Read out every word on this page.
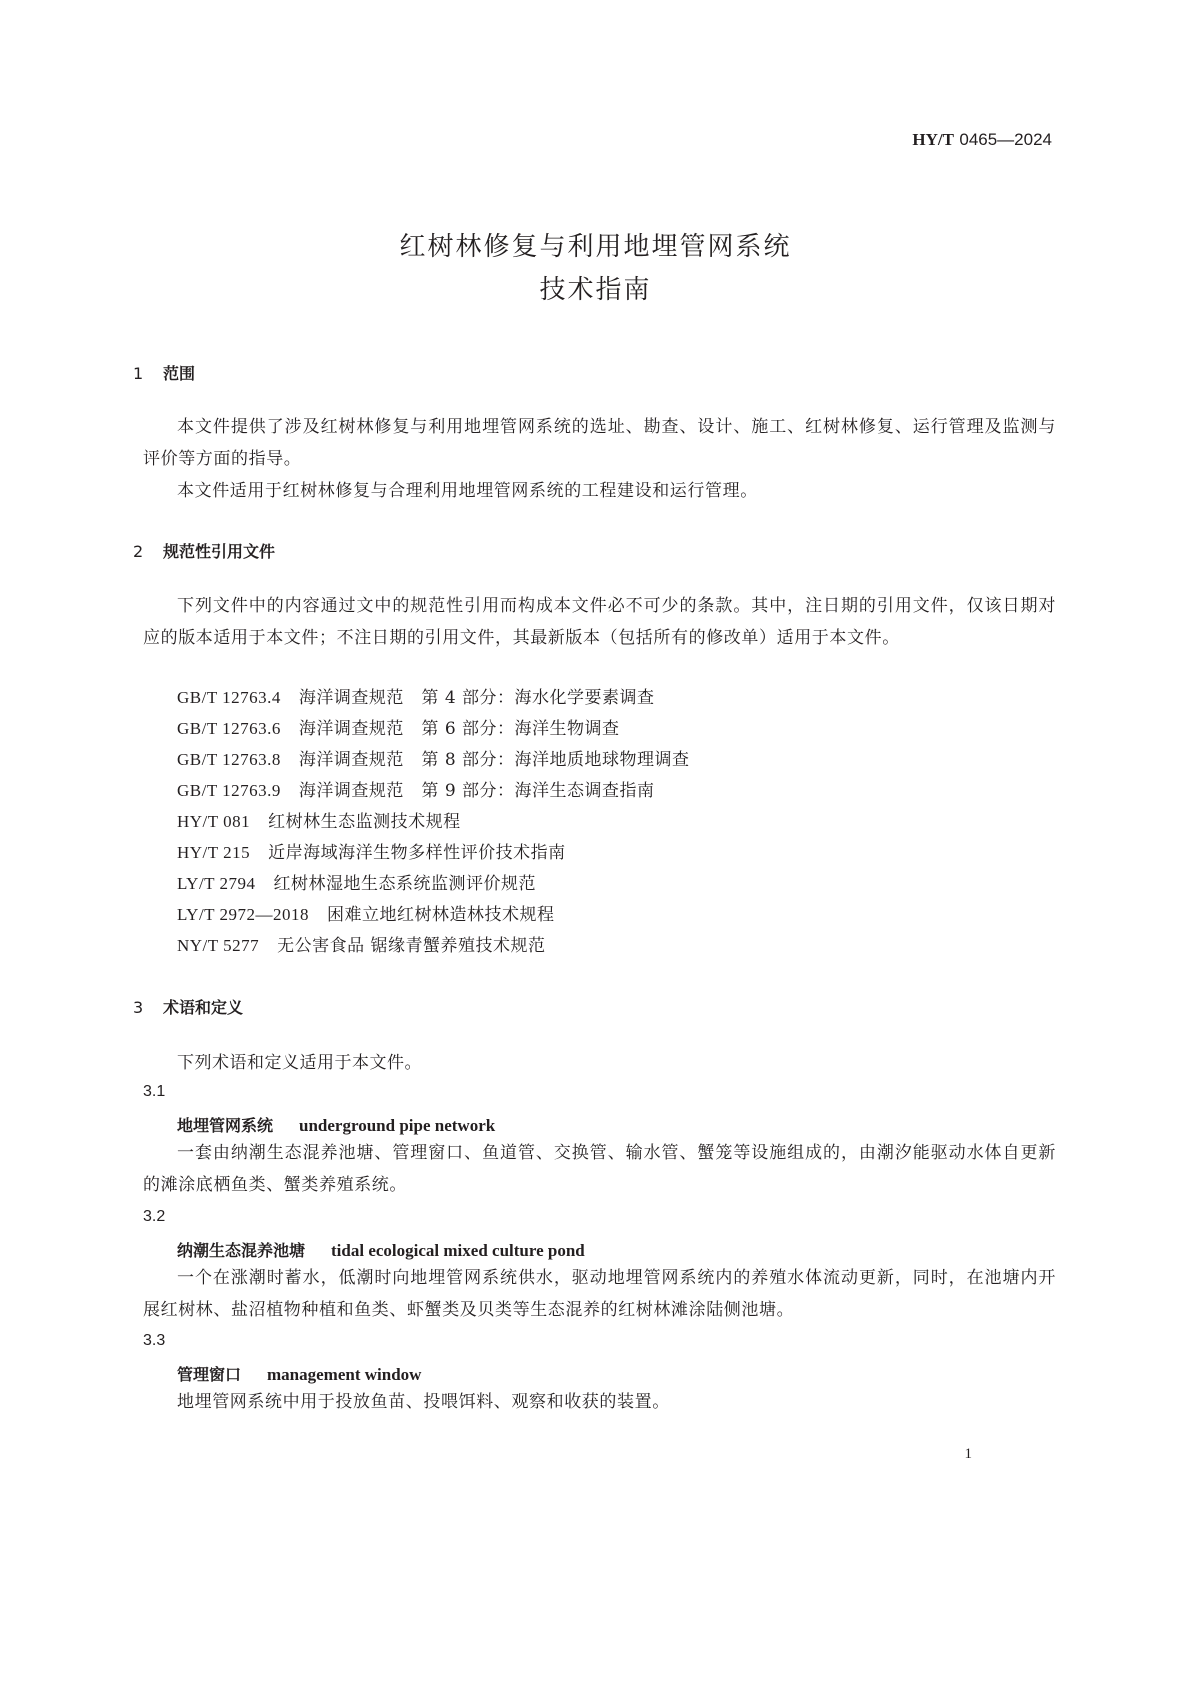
HY/T 0465—2024
红树林修复与利用地埋管网系统
技术指南
1 范围
本文件提供了涉及红树林修复与利用地埋管网系统的选址、勘查、设计、施工、红树林修复、运行管理及监测与评价等方面的指导。
本文件适用于红树林修复与合理利用地埋管网系统的工程建设和运行管理。
2 规范性引用文件
下列文件中的内容通过文中的规范性引用而构成本文件必不可少的条款。其中，注日期的引用文件，仅该日期对应的版本适用于本文件；不注日期的引用文件，其最新版本（包括所有的修改单）适用于本文件。
GB/T 12763.4 海洋调查规范　第 4 部分：海水化学要素调查
GB/T 12763.6 海洋调查规范　第 6 部分：海洋生物调查
GB/T 12763.8 海洋调查规范　第 8 部分：海洋地质地球物理调查
GB/T 12763.9 海洋调查规范　第 9 部分：海洋生态调查指南
HY/T 081 红树林生态监测技术规程
HY/T 215 近岸海域海洋生物多样性评价技术指南
LY/T 2794 红树林湿地生态系统监测评价规范
LY/T 2972—2018 困难立地红树林造林技术规程
NY/T 5277 无公害食品 锯缘青蟹养殖技术规范
3 术语和定义
下列术语和定义适用于本文件。
3.1
地埋管网系统 underground pipe network
一套由纳潮生态混养池塘、管理窗口、鱼道管、交换管、输水管、蟹笼等设施组成的，由潮汐能驱动水体自更新的滩涂底栖鱼类、蟹类养殖系统。
3.2
纳潮生态混养池塘 tidal ecological mixed culture pond
一个在涨潮时蓄水，低潮时向地埋管网系统供水，驱动地埋管网系统内的养殖水体流动更新，同时，在池塘内开展红树林、盐沼植物种植和鱼类、虾蟹类及贝类等生态混养的红树林滩涂陆侧池塘。
3.3
管理窗口 management window
地埋管网系统中用于投放鱼苗、投喂饵料、观察和收获的装置。
1
